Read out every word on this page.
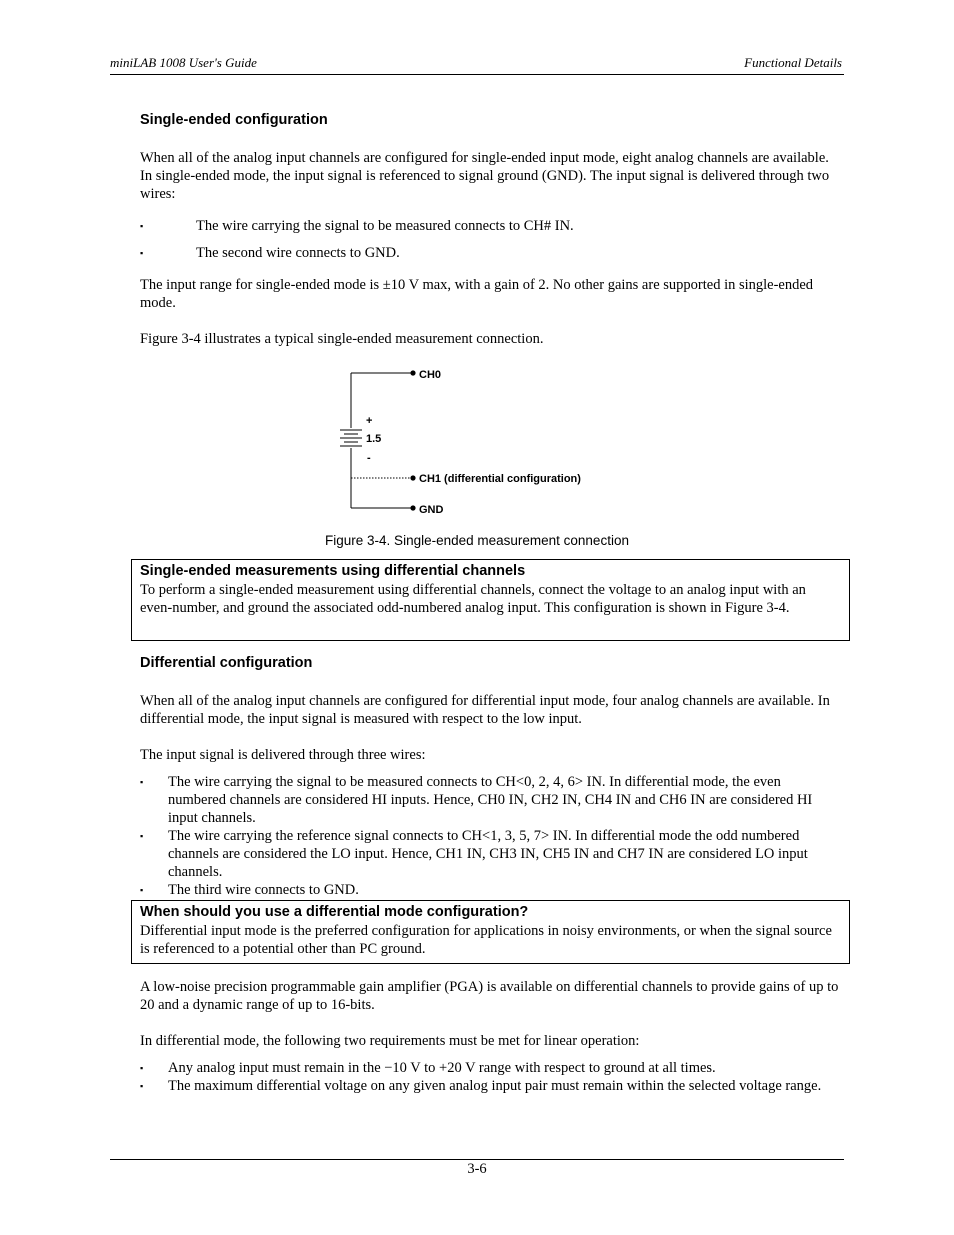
miniLAB 1008 User's Guide	Functional Details
Single-ended configuration

When all of the analog input channels are configured for single-ended input mode, eight analog channels are available. In single-ended mode, the input signal is referenced to signal ground (GND). The input signal is delivered through two wires:

▪	The wire carrying the signal to be measured connects to CH# IN.
▪	The second wire connects to GND.

The input range for single-ended mode is ±10 V max, with a gain of 2. No other gains are supported in single-ended mode.

Figure 3-4 illustrates a typical single-ended measurement connection.

CH0
+
1.5
-
CH1 (differential configuration)
GND
Figure 3-4. Single-ended measurement connection
Single-ended measurements using differential channels
To perform a single-ended measurement using differential channels, connect the voltage to an analog input with an even-number, and ground the associated odd-numbered analog input. This configuration is shown in Figure 3-4.
Differential configuration

When all of the analog input channels are configured for differential input mode, four analog channels are available. In differential mode, the input signal is measured with respect to the low input.

The input signal is delivered through three wires:

▪ The wire carrying the signal to be measured connects to CH<0, 2, 4, 6> IN. In differential mode, the even numbered channels are considered HI inputs. Hence, CH0 IN, CH2 IN, CH4 IN and CH6 IN are considered HI input channels.
▪ The wire carrying the reference signal connects to CH<1, 3, 5, 7> IN. In differential mode the odd numbered channels are considered the LO input. Hence, CH1 IN, CH3 IN, CH5 IN and CH7 IN are considered LO input channels.
▪ The third wire connects to GND.
When should you use a differential mode configuration?
Differential input mode is the preferred configuration for applications in noisy environments, or when the signal source is referenced to a potential other than PC ground.

A low-noise precision programmable gain amplifier (PGA) is available on differential channels to provide gains of up to 20 and a dynamic range of up to 16-bits.

In differential mode, the following two requirements must be met for linear operation:

▪ Any analog input must remain in the −10 V to +20 V range with respect to ground at all times.
▪ The maximum differential voltage on any given analog input pair must remain within the selected voltage range.
3-6
